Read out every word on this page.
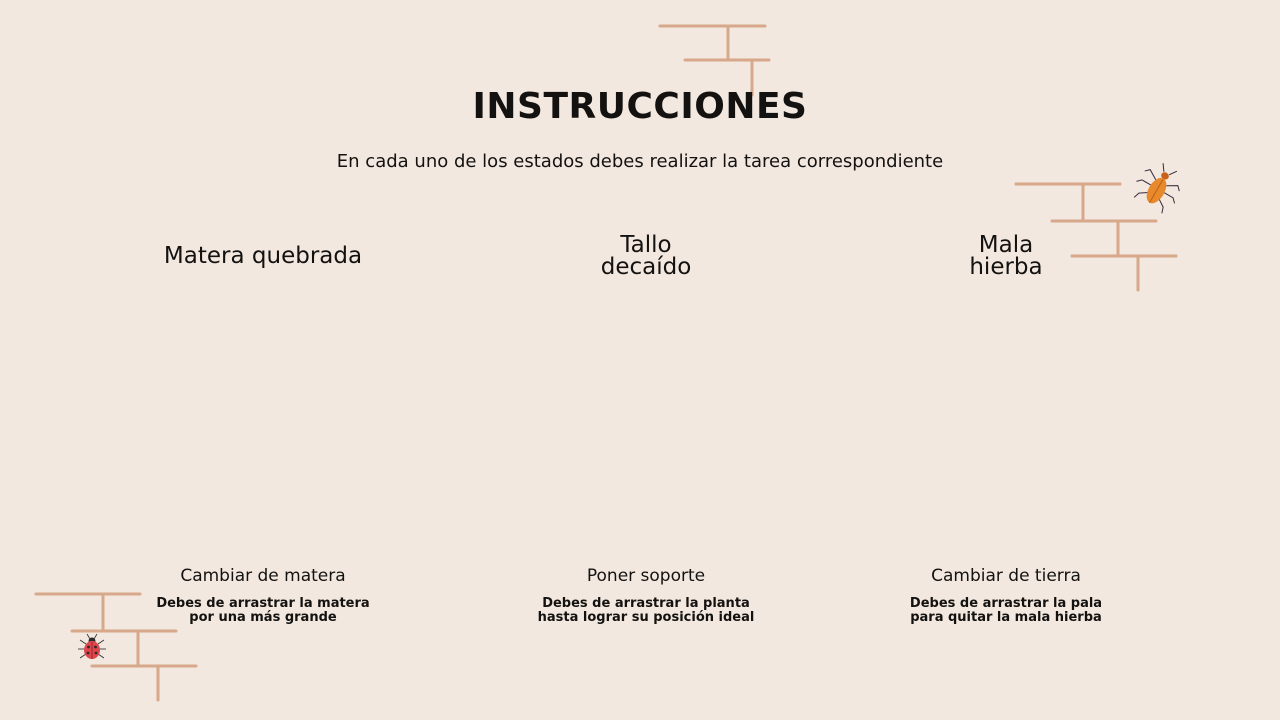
INSTRUCCIONES
En cada uno de los estados debes realizar la tarea correspondiente
Matera quebrada
Cambiar de matera
Debes de arrastrar la matera
por una más grande
Tallo
decaído
Poner soporte
Debes de arrastrar la planta
hasta lograr su posición ideal
Mala
hierba
Cambiar de tierra
Debes de arrastrar la pala
para quitar la mala hierba
